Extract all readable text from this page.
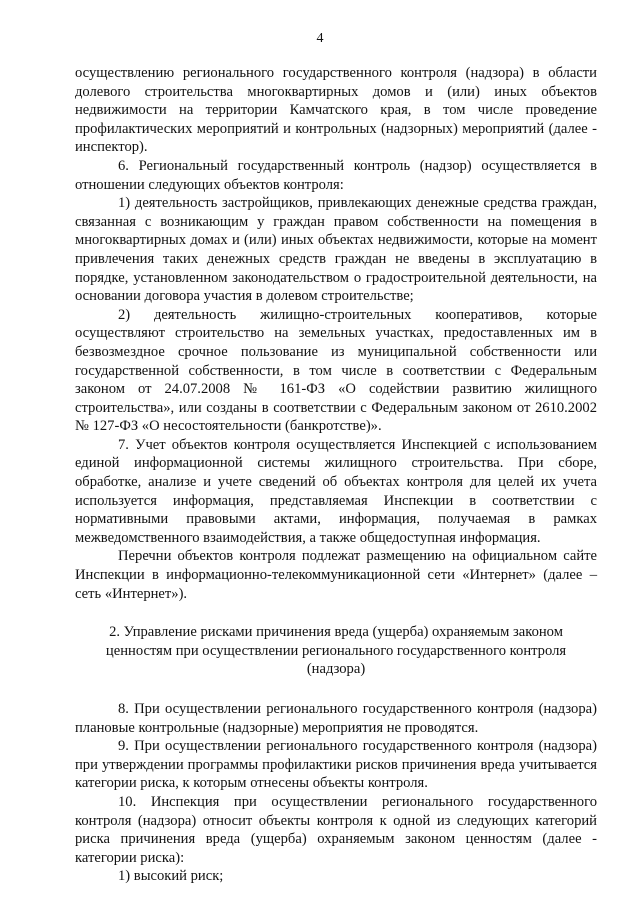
4

осуществлению регионального государственного контроля (надзора) в области долевого строительства многоквартирных домов и (или) иных объектов недвижимости на территории Камчатского края, в том числе проведение профилактических мероприятий и контрольных (надзорных) мероприятий (далее - инспектор).

6. Региональный государственный контроль (надзор) осуществляется в отношении следующих объектов контроля:

1) деятельность застройщиков, привлекающих денежные средства граждан, связанная с возникающим у граждан правом собственности на помещения в многоквартирных домах и (или) иных объектах недвижимости, которые на момент привлечения таких денежных средств граждан не введены в эксплуатацию в порядке, установленном законодательством о градостроительной деятельности, на основании договора участия в долевом строительстве;

2) деятельность жилищно-строительных кооперативов, которые осуществляют строительство на земельных участках, предоставленных им в безвозмездное срочное пользование из муниципальной собственности или государственной собственности, в том числе в соответствии с Федеральным законом от 24.07.2008 № 161-ФЗ «О содействии развитию жилищного строительства», или созданы в соответствии с Федеральным законом от 2610.2002 № 127-ФЗ «О несостоятельности (банкротстве)».

7. Учет объектов контроля осуществляется Инспекцией с использованием единой информационной системы жилищного строительства. При сборе, обработке, анализе и учете сведений об объектах контроля для целей их учета используется информация, представляемая Инспекции в соответствии с нормативными правовыми актами, информация, получаемая в рамках межведомственного взаимодействия, а также общедоступная информация.

Перечни объектов контроля подлежат размещению на официальном сайте Инспекции в информационно-телекоммуникационной сети «Интернет» (далее – сеть «Интернет»).

2. Управление рисками причинения вреда (ущерба) охраняемым законом ценностям при осуществлении регионального государственного контроля (надзора)

8. При осуществлении регионального государственного контроля (надзора) плановые контрольные (надзорные) мероприятия не проводятся.

9. При осуществлении регионального государственного контроля (надзора) при утверждении программы профилактики рисков причинения вреда учитывается категории риска, к которым отнесены объекты контроля.

10. Инспекция при осуществлении регионального государственного контроля (надзора) относит объекты контроля к одной из следующих категорий риска причинения вреда (ущерба) охраняемым законом ценностям (далее - категории риска):

1) высокий риск;
